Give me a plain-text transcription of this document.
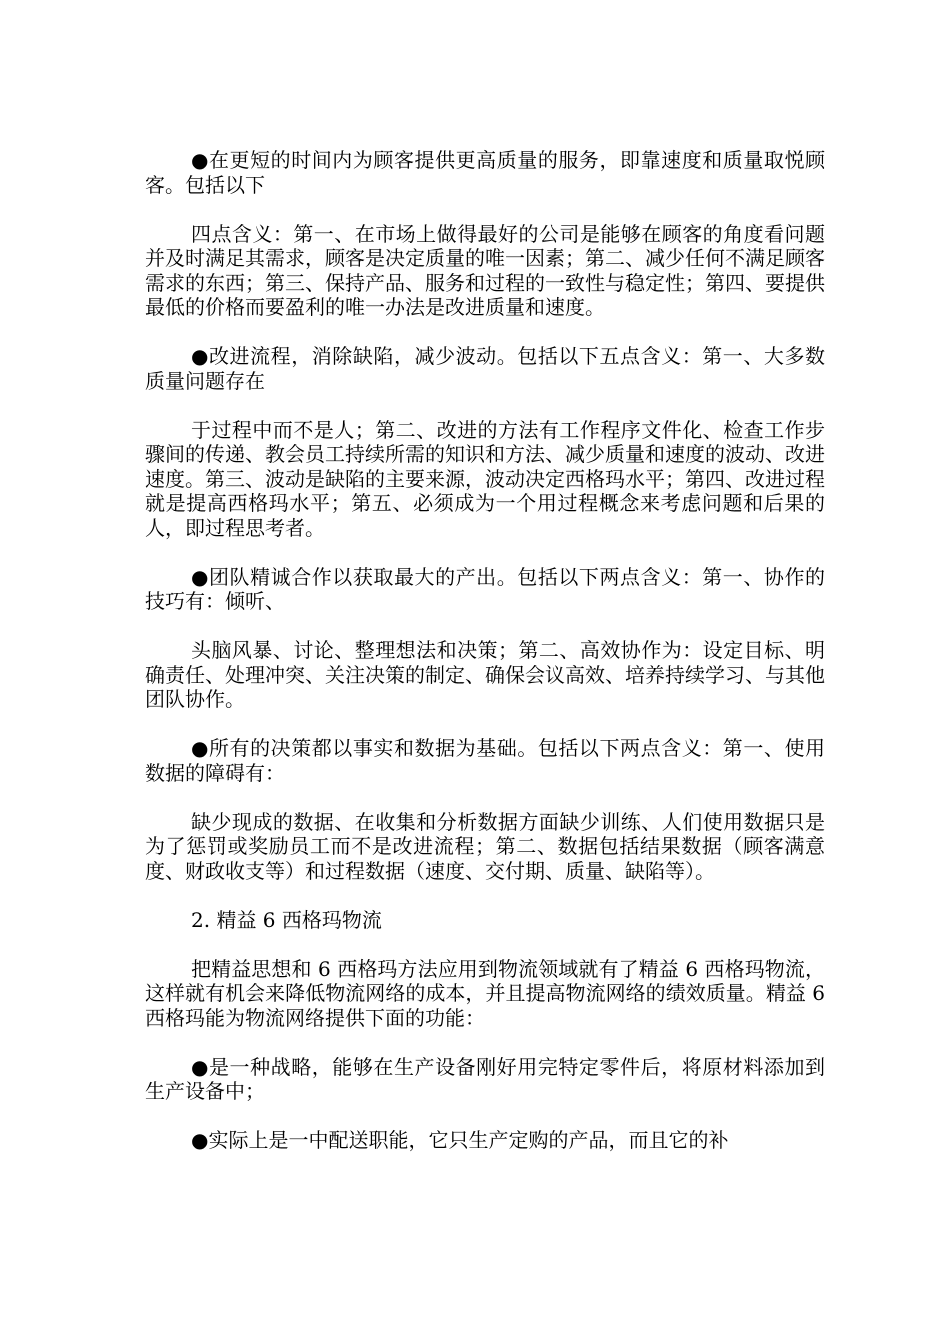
●在更短的时间内为顾客提供更高质量的服务，即靠速度和质量取悦顾客。包括以下

四点含义：第一、在市场上做得最好的公司是能够在顾客的角度看问题并及时满足其需求，顾客是决定质量的唯一因素；第二、减少任何不满足顾客需求的东西；第三、保持产品、服务和过程的一致性与稳定性；第四、要提供最低的价格而要盈利的唯一办法是改进质量和速度。

●改进流程，消除缺陷，减少波动。包括以下五点含义：第一、大多数质量问题存在

于过程中而不是人；第二、改进的方法有工作程序文件化、检查工作步骤间的传递、教会员工持续所需的知识和方法、减少质量和速度的波动、改进速度。第三、波动是缺陷的主要来源，波动决定西格玛水平；第四、改进过程就是提高西格玛水平；第五、必须成为一个用过程概念来考虑问题和后果的人，即过程思考者。

●团队精诚合作以获取最大的产出。包括以下两点含义：第一、协作的技巧有：倾听、

头脑风暴、讨论、整理想法和决策；第二、高效协作为：设定目标、明确责任、处理冲突、关注决策的制定、确保会议高效、培养持续学习、与其他团队协作。

●所有的决策都以事实和数据为基础。包括以下两点含义：第一、使用数据的障碍有：

缺少现成的数据、在收集和分析数据方面缺少训练、人们使用数据只是为了惩罚或奖励员工而不是改进流程；第二、数据包括结果数据（顾客满意度、财政收支等）和过程数据（速度、交付期、质量、缺陷等）。

2. 精益 6 西格玛物流

把精益思想和 6 西格玛方法应用到物流领域就有了精益 6 西格玛物流，这样就有机会来降低物流网络的成本，并且提高物流网络的绩效质量。精益 6 西格玛能为物流网络提供下面的功能：

●是一种战略，能够在生产设备刚好用完特定零件后，将原材料添加到生产设备中；

●实际上是一中配送职能，它只生产定购的产品，而且它的补
